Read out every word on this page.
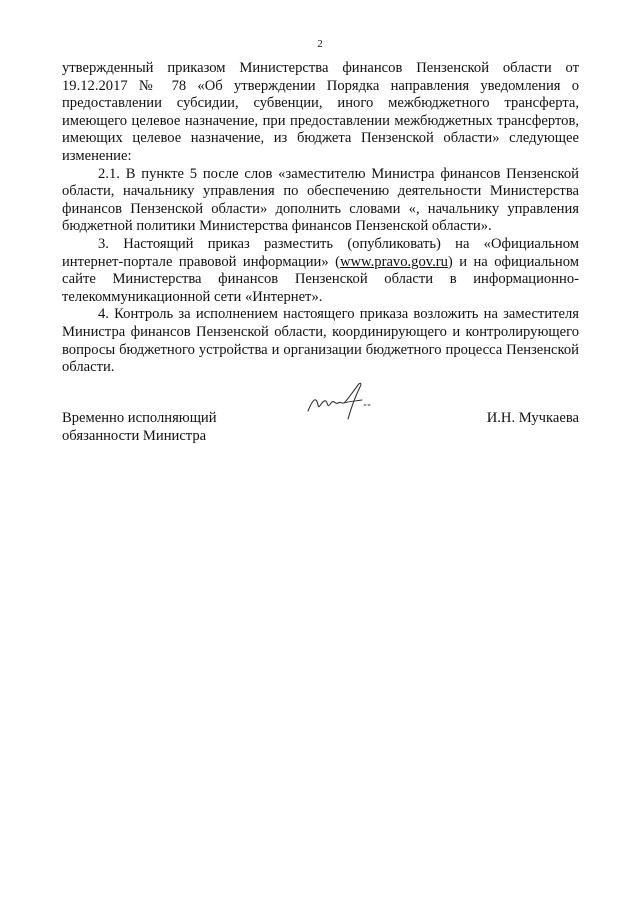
2

утвержденный приказом Министерства финансов Пензенской области от 19.12.2017 № 78 «Об утверждении Порядка направления уведомления о предоставлении субсидии, субвенции, иного межбюджетного трансферта, имеющего целевое назначение, при предоставлении межбюджетных трансфертов, имеющих целевое назначение, из бюджета Пензенской области» следующее изменение:

2.1. В пункте 5 после слов «заместителю Министра финансов Пензенской области, начальнику управления по обеспечению деятельности Министерства финансов Пензенской области» дополнить словами «, начальнику управления бюджетной политики Министерства финансов Пензенской области».

3. Настоящий приказ разместить (опубликовать) на «Официальном интернет-портале правовой информации» (www.pravo.gov.ru) и на официальном сайте Министерства финансов Пензенской области в информационно-телекоммуникационной сети «Интернет».

4. Контроль за исполнением настоящего приказа возложить на заместителя Министра финансов Пензенской области, координирующего и контролирующего вопросы бюджетного устройства и организации бюджетного процесса Пензенской области.

Временно исполняющий
обязанности Министра
И.Н. Мучкаева
